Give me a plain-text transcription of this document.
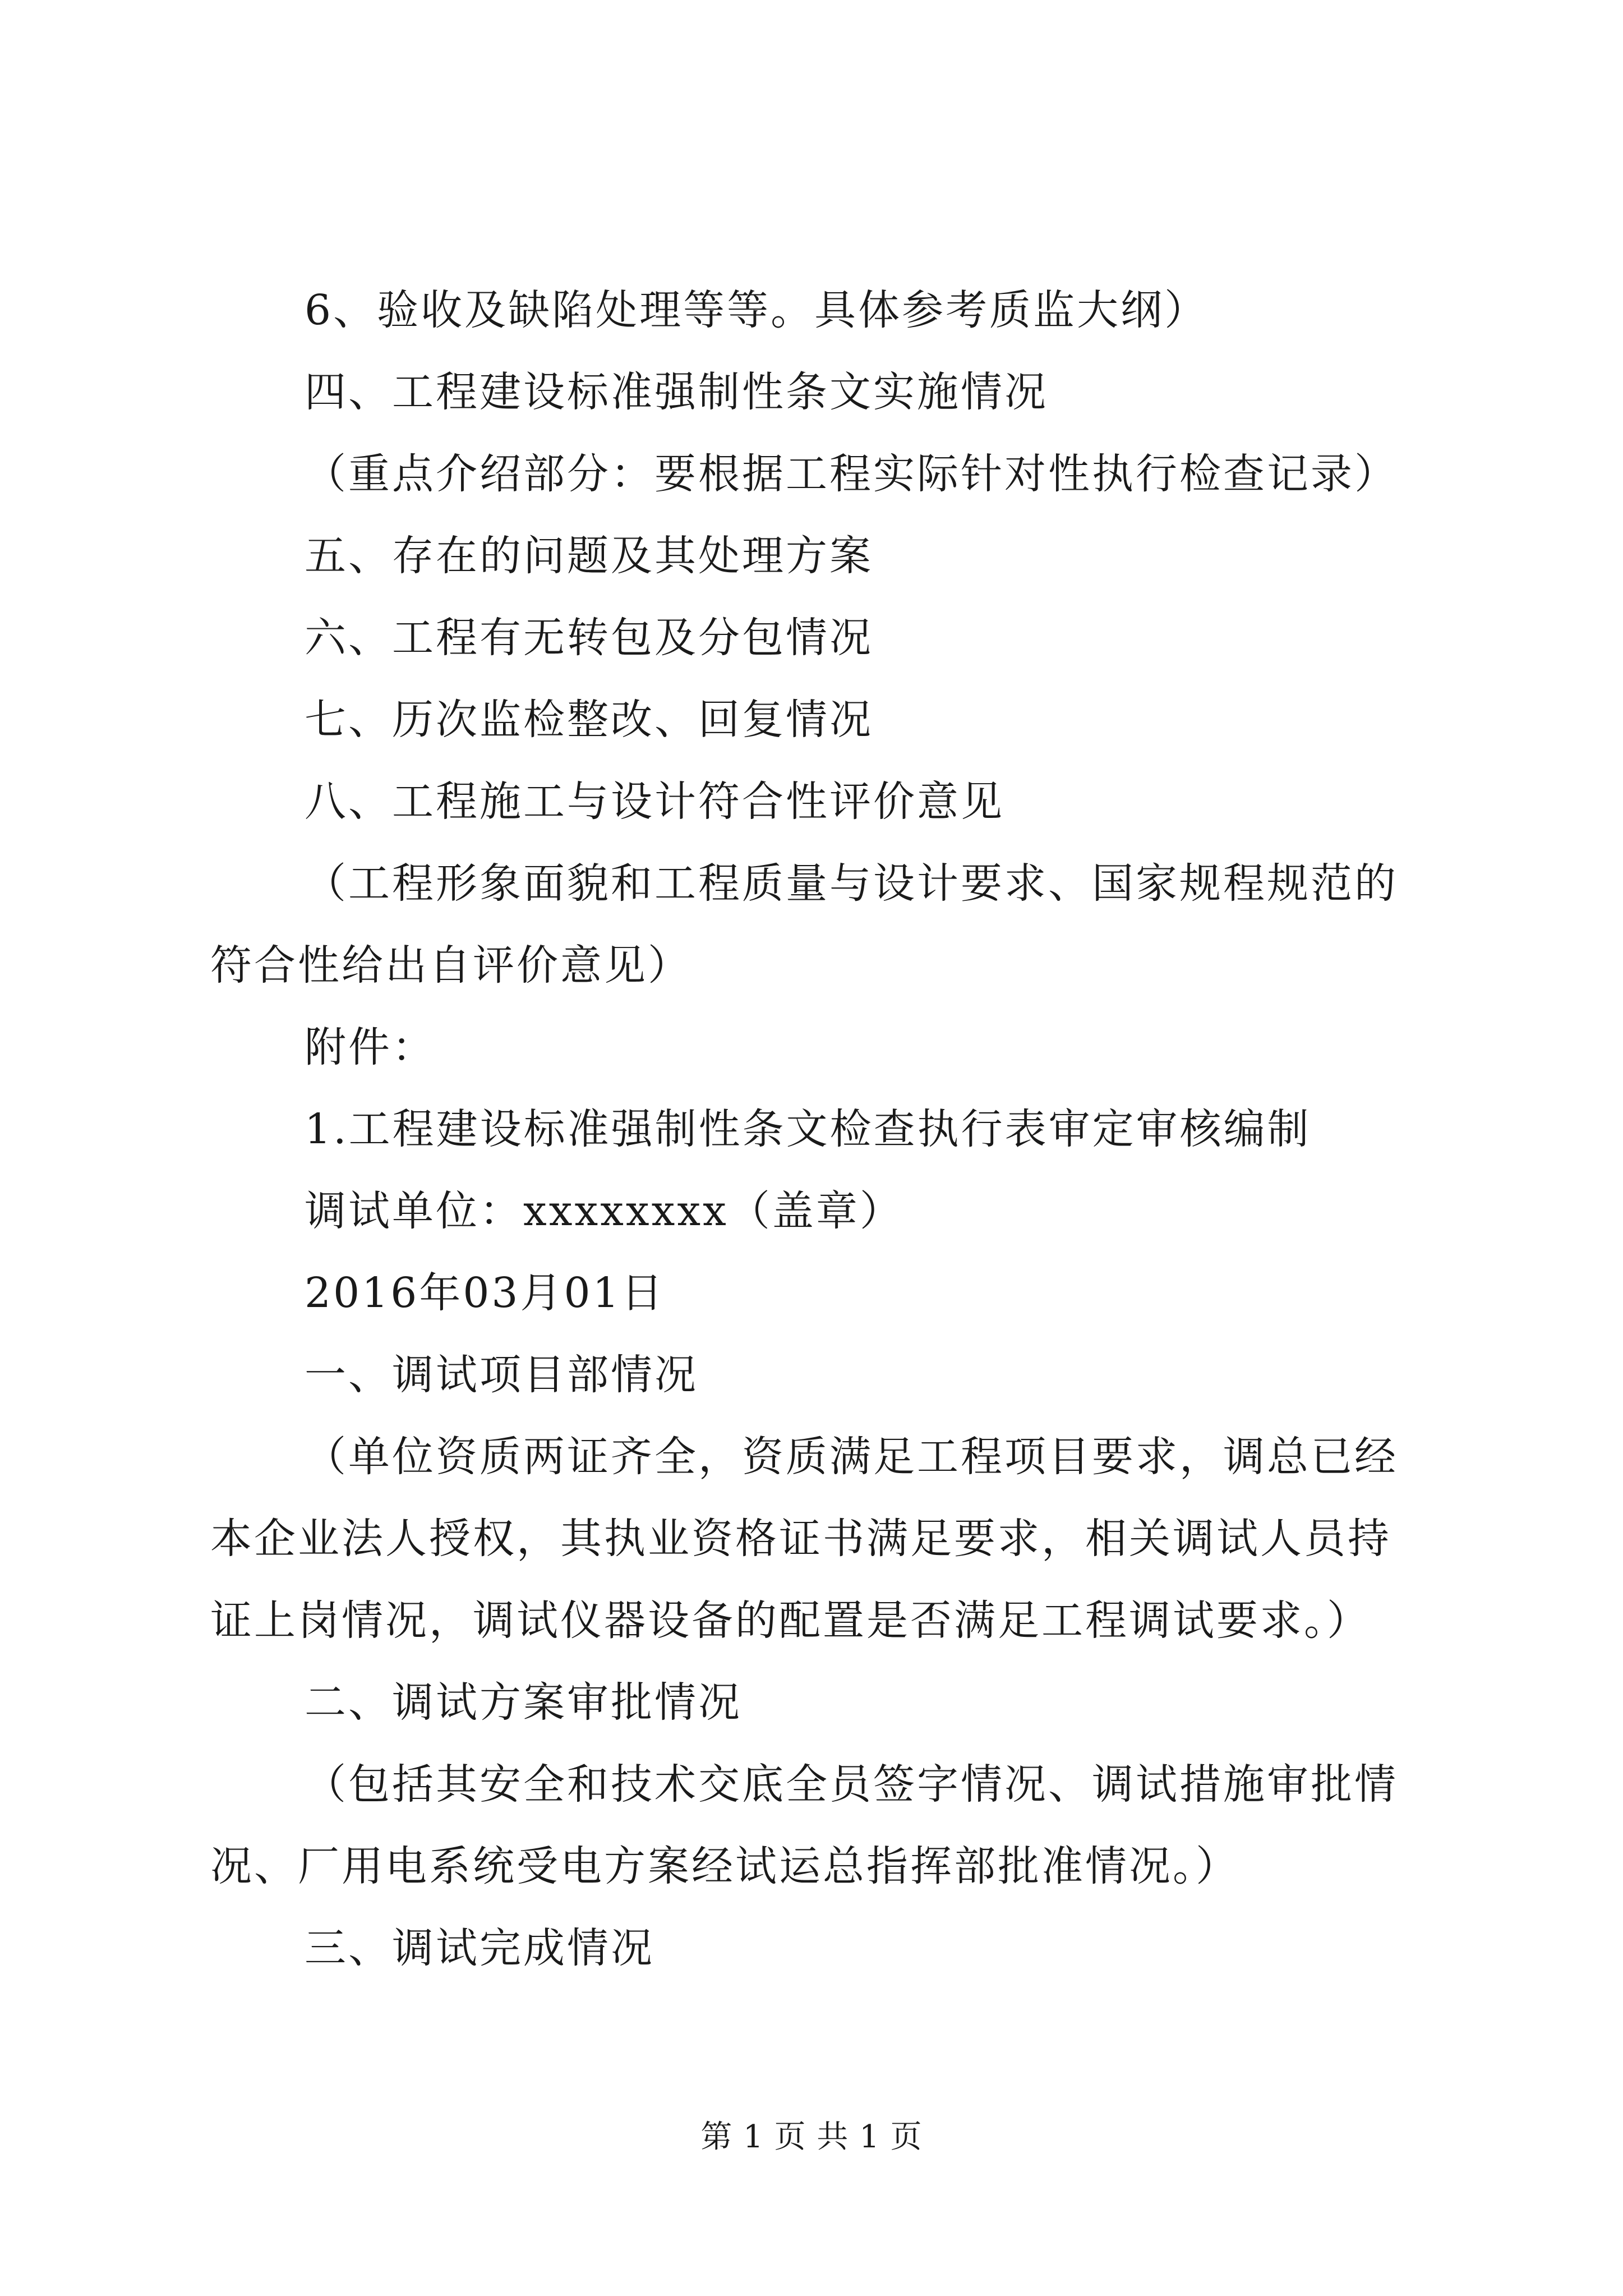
6、验收及缺陷处理等等。具体参考质监大纲）

四、工程建设标准强制性条文实施情况

（重点介绍部分：要根据工程实际针对性执行检查记录）

五、存在的问题及其处理方案

六、工程有无转包及分包情况

七、历次监检整改、回复情况

八、工程施工与设计符合性评价意见

（工程形象面貌和工程质量与设计要求、国家规程规范的符合性给出自评价意见）

附件：

1.工程建设标准强制性条文检查执行表审定审核编制

调试单位：xxxxxxxx（盖章）

2016年03月01日

一、调试项目部情况

（单位资质两证齐全，资质满足工程项目要求，调总已经本企业法人授权，其执业资格证书满足要求，相关调试人员持证上岗情况，调试仪器设备的配置是否满足工程调试要求。）

二、调试方案审批情况

（包括其安全和技术交底全员签字情况、调试措施审批情况、厂用电系统受电方案经试运总指挥部批准情况。）

三、调试完成情况

第 1 页 共 1 页
